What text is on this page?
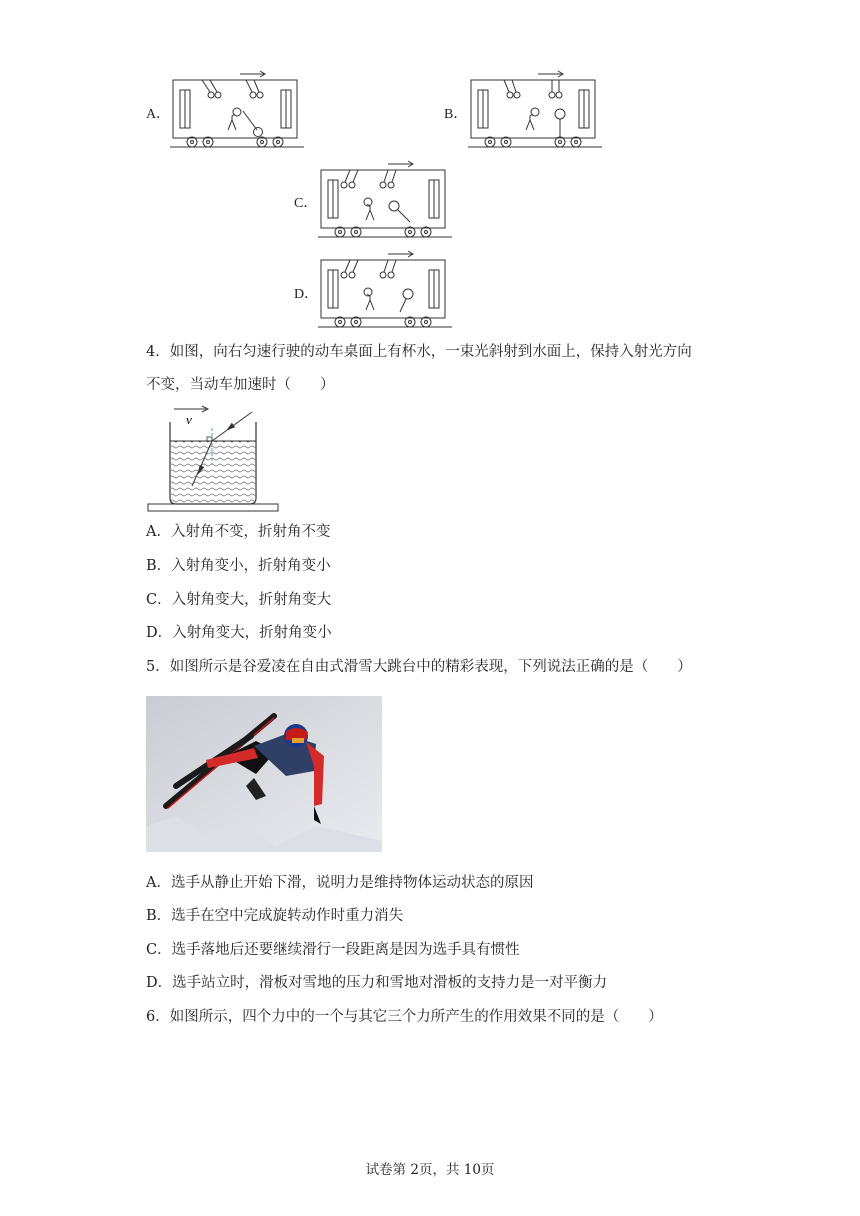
A．	B．
C．
D．
4．如图，向右匀速行驶的动车桌面上有杯水，一束光斜射到水面上，保持入射光方向
不变，当动车加速时（　　）
v
A．入射角不变，折射角不变
B．入射角变小，折射角变小
C．入射角变大，折射角变大
D．入射角变大，折射角变小
5．如图所示是谷爱凌在自由式滑雪大跳台中的精彩表现，下列说法正确的是（　　）
A．选手从静止开始下滑，说明力是维持物体运动状态的原因
B．选手在空中完成旋转动作时重力消失
C．选手落地后还要继续滑行一段距离是因为选手具有惯性
D．选手站立时，滑板对雪地的压力和雪地对滑板的支持力是一对平衡力
6．如图所示，四个力中的一个与其它三个力所产生的作用效果不同的是（　　）
试卷第 2页，共 10页
